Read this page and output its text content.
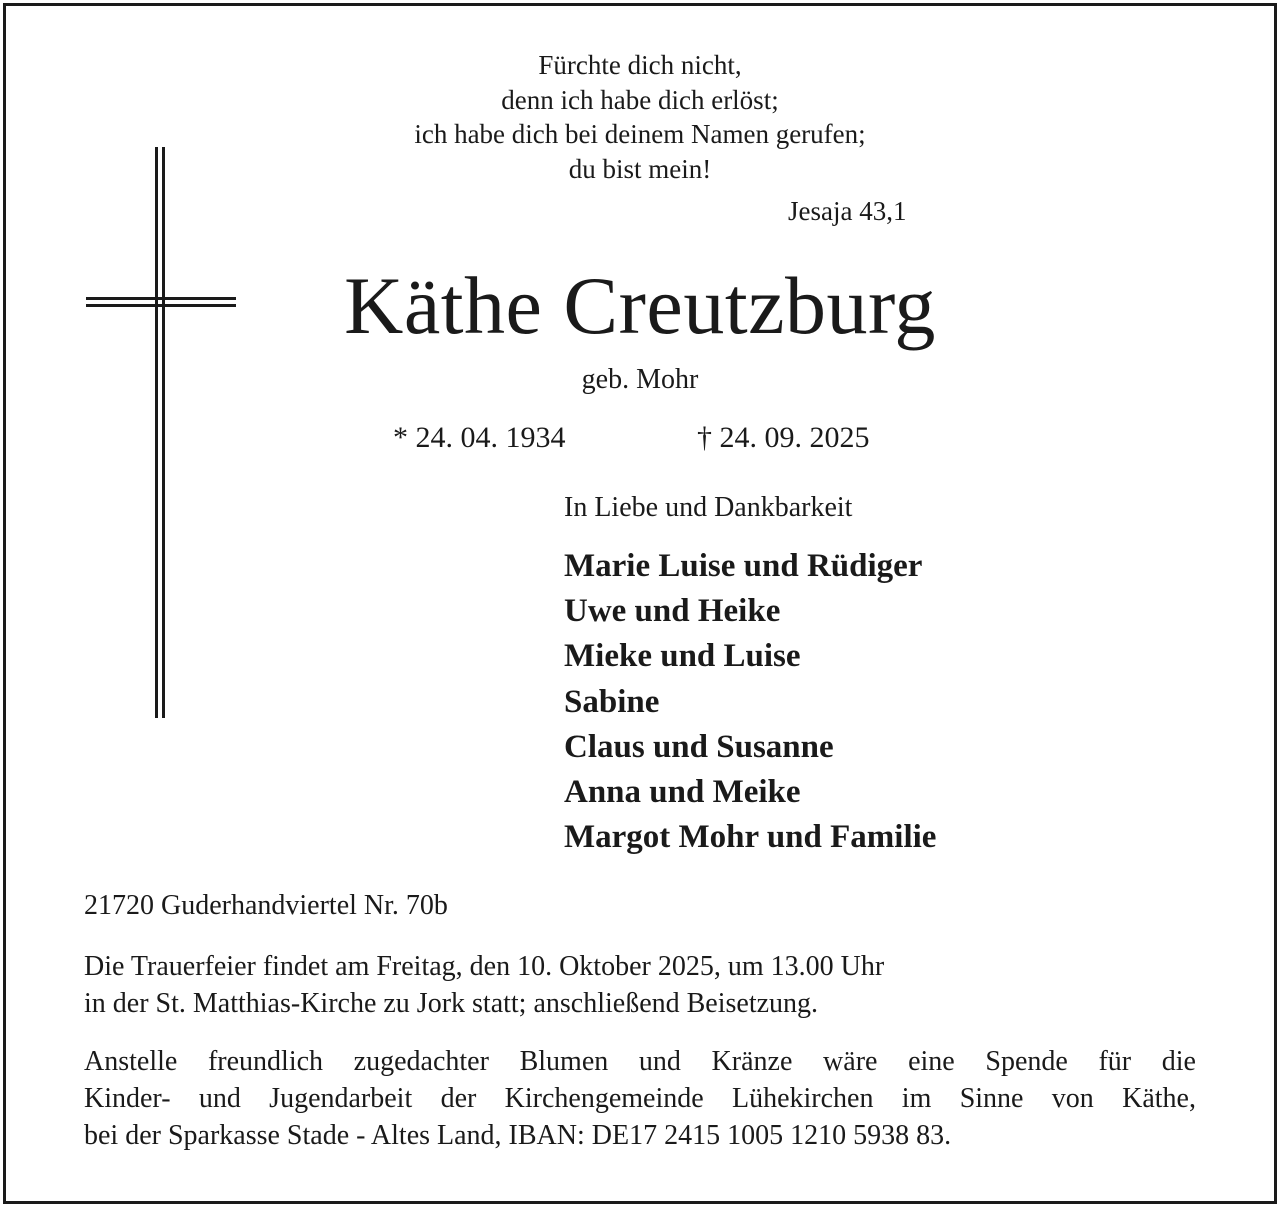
Fürchte dich nicht,
denn ich habe dich erlöst;
ich habe dich bei deinem Namen gerufen;
du bist mein!
Jesaja 43,1
Käthe Creutzburg
geb. Mohr
* 24. 04. 1934	† 24. 09. 2025
In Liebe und Dankbarkeit
Marie Luise und Rüdiger
Uwe und Heike
Mieke und Luise
Sabine
Claus und Susanne
Anna und Meike
Margot Mohr und Familie
21720 Guderhandviertel Nr. 70b
Die Trauerfeier findet am Freitag, den 10. Oktober 2025, um 13.00 Uhr
in der St. Matthias-Kirche zu Jork statt; anschließend Beisetzung.
Anstelle freundlich zugedachter Blumen und Kränze wäre eine Spende für die
Kinder- und Jugendarbeit der Kirchengemeinde Lühekirchen im Sinne von Käthe,
bei der Sparkasse Stade - Altes Land, IBAN: DE17 2415 1005 1210 5938 83.
